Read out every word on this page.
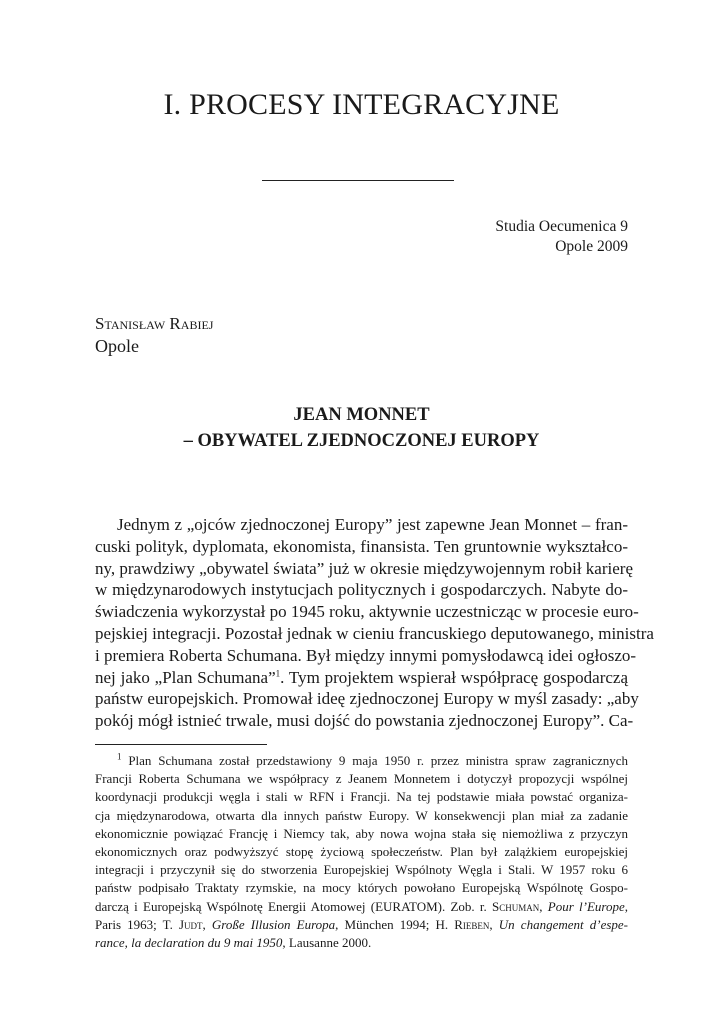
I. PROCESY INTEGRACYJNE
Studia Oecumenica 9
Opole 2009
Stanisław Rabiej
Opole
JEAN MONNET
– OBYWATEL ZJEDNOCZONEJ EUROPY
Jednym z „ojców zjednoczonej Europy” jest zapewne Jean Monnet – fran-
cuski polityk, dyplomata, ekonomista, finansista. Ten gruntownie wykształco-
ny, prawdziwy „obywatel świata” już w okresie międzywojennym robił karierę
w międzynarodowych instytucjach politycznych i gospodarczych. Nabyte do-
świadczenia wykorzystał po 1945 roku, aktywnie uczestnicząc w procesie euro-
pejskiej integracji. Pozostał jednak w cieniu francuskiego deputowanego, ministra
i premiera Roberta Schumana. Był między innymi pomysłodawcą idei ogłoszo-
nej jako „Plan Schumana”$^1$. Tym projektem wspierał współpracę gospodarczą
państw europejskich. Promował ideę zjednoczonej Europy w myśl zasady: „aby
pokój mógł istnieć trwale, musi dojść do powstania zjednoczonej Europy”. Ca-
$^1$ Plan Schumana został przedstawiony 9 maja 1950 r. przez ministra spraw zagranicznych
Francji Roberta Schumana we współpracy z Jeanem Monnetem i dotyczył propozycji wspólnej
koordynacji produkcji węgla i stali w RFN i Francji. Na tej podstawie miała powstać organiza-
cja międzynarodowa, otwarta dla innych państw Europy. W konsekwencji plan miał za zadanie
ekonomicznie powiązać Francję i Niemcy tak, aby nowa wojna stała się niemożliwa z przyczyn
ekonomicznych oraz podwyższyć stopę życiową społeczeństw. Plan był zalążkiem europejskiej
integracji i przyczynił się do stworzenia Europejskiej Wspólnoty Węgla i Stali. W 1957 roku 6
państw podpisało Traktaty rzymskie, na mocy których powołano Europejską Wspólnotę Gospo-
darczą i Europejską Wspólnotę Energii Atomowej (EURATOM). Zob. r. Schuman, Pour l’Europe,
Paris 1963; T. Judt, Große Illusion Europa, München 1994; H. Rieben, Un changement d’espe-
rance, la declaration du 9 mai 1950, Lausanne 2000.
